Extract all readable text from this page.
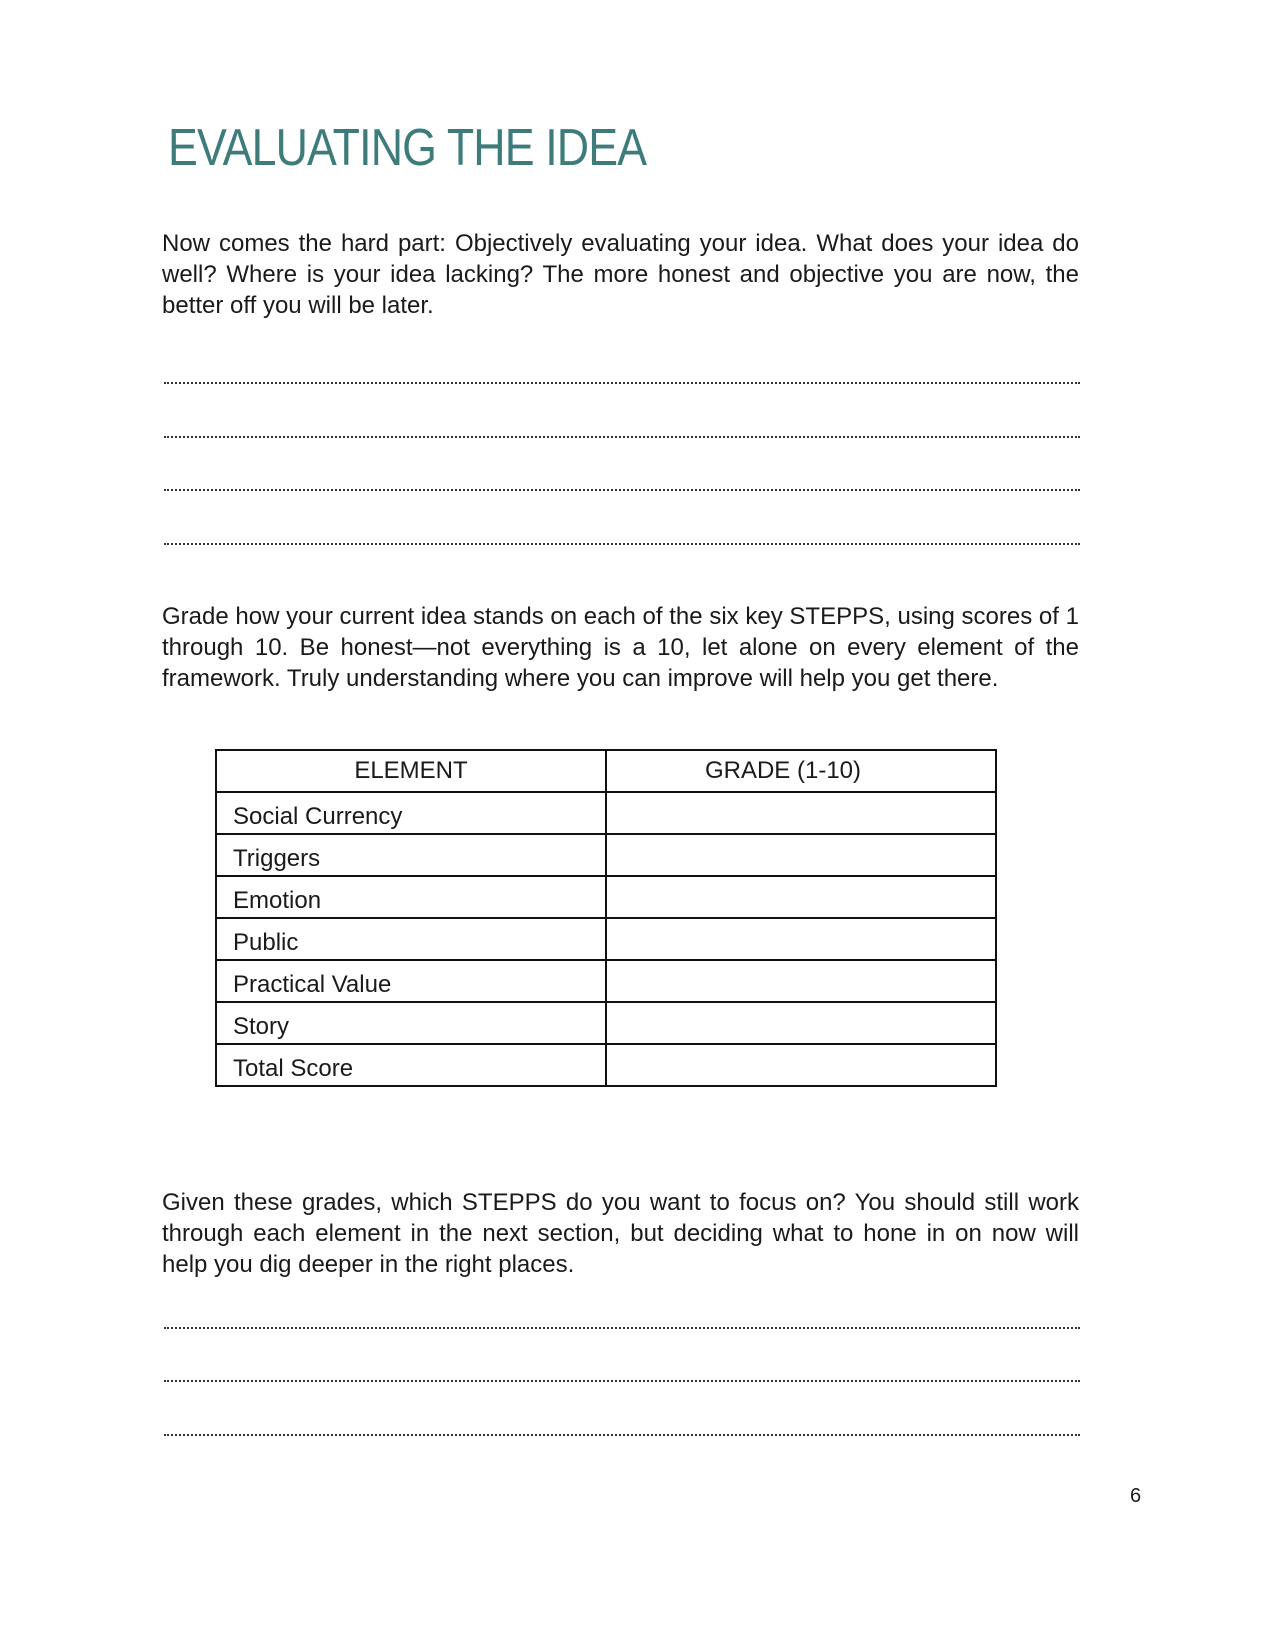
EVALUATING THE IDEA

Now comes the hard part: Objectively evaluating your idea. What does your idea do well? Where is your idea lacking? The more honest and objective you are now, the better off you will be later.

Grade how your current idea stands on each of the six key STEPPS, using scores of 1 through 10. Be honest—not everything is a 10, let alone on every element of the framework. Truly understanding where you can improve will help you get there.

ELEMENT	GRADE (1-10)
Social Currency	
Triggers	
Emotion	
Public	
Practical Value	
Story	
Total Score	

Given these grades, which STEPPS do you want to focus on? You should still work through each element in the next section, but deciding what to hone in on now will help you dig deeper in the right places.

6
